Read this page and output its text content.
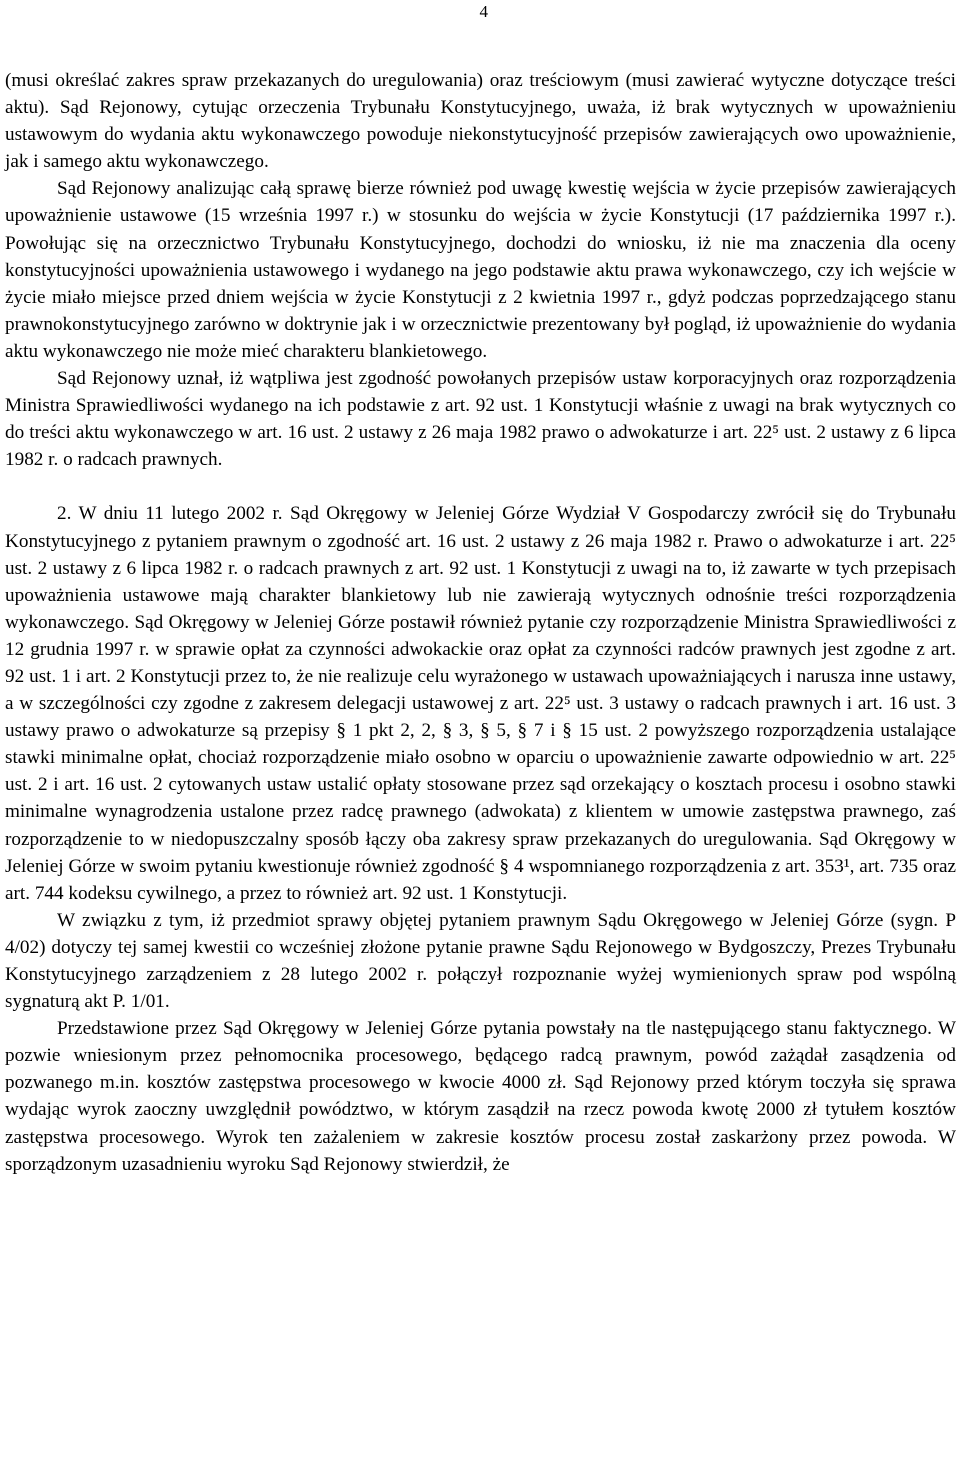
4

(musi określać zakres spraw przekazanych do uregulowania) oraz treściowym (musi zawierać wytyczne dotyczące treści aktu). Sąd Rejonowy, cytując orzeczenia Trybunału Konstytucyjnego, uważa, iż brak wytycznych w upoważnieniu ustawowym do wydania aktu wykonawczego powoduje niekonstytucyjność przepisów zawierających owo upoważnienie, jak i samego aktu wykonawczego.

Sąd Rejonowy analizując całą sprawę bierze również pod uwagę kwestię wejścia w życie przepisów zawierających upoważnienie ustawowe (15 września 1997 r.) w stosunku do wejścia w życie Konstytucji (17 października 1997 r.). Powołując się na orzecznictwo Trybunału Konstytucyjnego, dochodzi do wniosku, iż nie ma znaczenia dla oceny konstytucyjności upoważnienia ustawowego i wydanego na jego podstawie aktu prawa wykonawczego, czy ich wejście w życie miało miejsce przed dniem wejścia w życie Konstytucji z 2 kwietnia 1997 r., gdyż podczas poprzedzającego stanu prawnokonstytucyjnego zarówno w doktrynie jak i w orzecznictwie prezentowany był pogląd, iż upoważnienie do wydania aktu wykonawczego nie może mieć charakteru blankietowego.

Sąd Rejonowy uznał, iż wątpliwa jest zgodność powołanych przepisów ustaw korporacyjnych oraz rozporządzenia Ministra Sprawiedliwości wydanego na ich podstawie z art. 92 ust. 1 Konstytucji właśnie z uwagi na brak wytycznych co do treści aktu wykonawczego w art. 16 ust. 2 ustawy z 26 maja 1982 prawo o adwokaturze i art. 22⁵ ust. 2 ustawy z 6 lipca 1982 r. o radcach prawnych.

2. W dniu 11 lutego 2002 r. Sąd Okręgowy w Jeleniej Górze Wydział V Gospodarczy zwrócił się do Trybunału Konstytucyjnego z pytaniem prawnym o zgodność art. 16 ust. 2 ustawy z 26 maja 1982 r. Prawo o adwokaturze i art. 22⁵ ust. 2 ustawy z 6 lipca 1982 r. o radcach prawnych z art. 92 ust. 1 Konstytucji z uwagi na to, iż zawarte w tych przepisach upoważnienia ustawowe mają charakter blankietowy lub nie zawierają wytycznych odnośnie treści rozporządzenia wykonawczego. Sąd Okręgowy w Jeleniej Górze postawił również pytanie czy rozporządzenie Ministra Sprawiedliwości z 12 grudnia 1997 r. w sprawie opłat za czynności adwokackie oraz opłat za czynności radców prawnych jest zgodne z art. 92 ust. 1 i art. 2 Konstytucji przez to, że nie realizuje celu wyrażonego w ustawach upoważniających i narusza inne ustawy, a w szczególności czy zgodne z zakresem delegacji ustawowej z art. 22⁵ ust. 3 ustawy o radcach prawnych i art. 16 ust. 3 ustawy prawo o adwokaturze są przepisy § 1 pkt 2, 2, § 3, § 5, § 7 i § 15 ust. 2 powyższego rozporządzenia ustalające stawki minimalne opłat, chociaż rozporządzenie miało osobno w oparciu o upoważnienie zawarte odpowiednio w art. 22⁵ ust. 2 i art. 16 ust. 2 cytowanych ustaw ustalić opłaty stosowane przez sąd orzekający o kosztach procesu i osobno stawki minimalne wynagrodzenia ustalone przez radcę prawnego (adwokata) z klientem w umowie zastępstwa prawnego, zaś rozporządzenie to w niedopuszczalny sposób łączy oba zakresy spraw przekazanych do uregulowania. Sąd Okręgowy w Jeleniej Górze w swoim pytaniu kwestionuje również zgodność § 4 wspomnianego rozporządzenia z art. 353¹, art. 735 oraz art. 744 kodeksu cywilnego, a przez to również art. 92 ust. 1 Konstytucji.

W związku z tym, iż przedmiot sprawy objętej pytaniem prawnym Sądu Okręgowego w Jeleniej Górze (sygn. P 4/02) dotyczy tej samej kwestii co wcześniej złożone pytanie prawne Sądu Rejonowego w Bydgoszczy, Prezes Trybunału Konstytucyjnego zarządzeniem z 28 lutego 2002 r. połączył rozpoznanie wyżej wymienionych spraw pod wspólną sygnaturą akt P. 1/01.

Przedstawione przez Sąd Okręgowy w Jeleniej Górze pytania powstały na tle następującego stanu faktycznego. W pozwie wniesionym przez pełnomocnika procesowego, będącego radcą prawnym, powód zażądał zasądzenia od pozwanego m.in. kosztów zastępstwa procesowego w kwocie 4000 zł. Sąd Rejonowy przed którym toczyła się sprawa wydając wyrok zaoczny uwzględnił powództwo, w którym zasądził na rzecz powoda kwotę 2000 zł tytułem kosztów zastępstwa procesowego. Wyrok ten zażaleniem w zakresie kosztów procesu został zaskarżony przez powoda. W sporządzonym uzasadnieniu wyroku Sąd Rejonowy stwierdził, że
